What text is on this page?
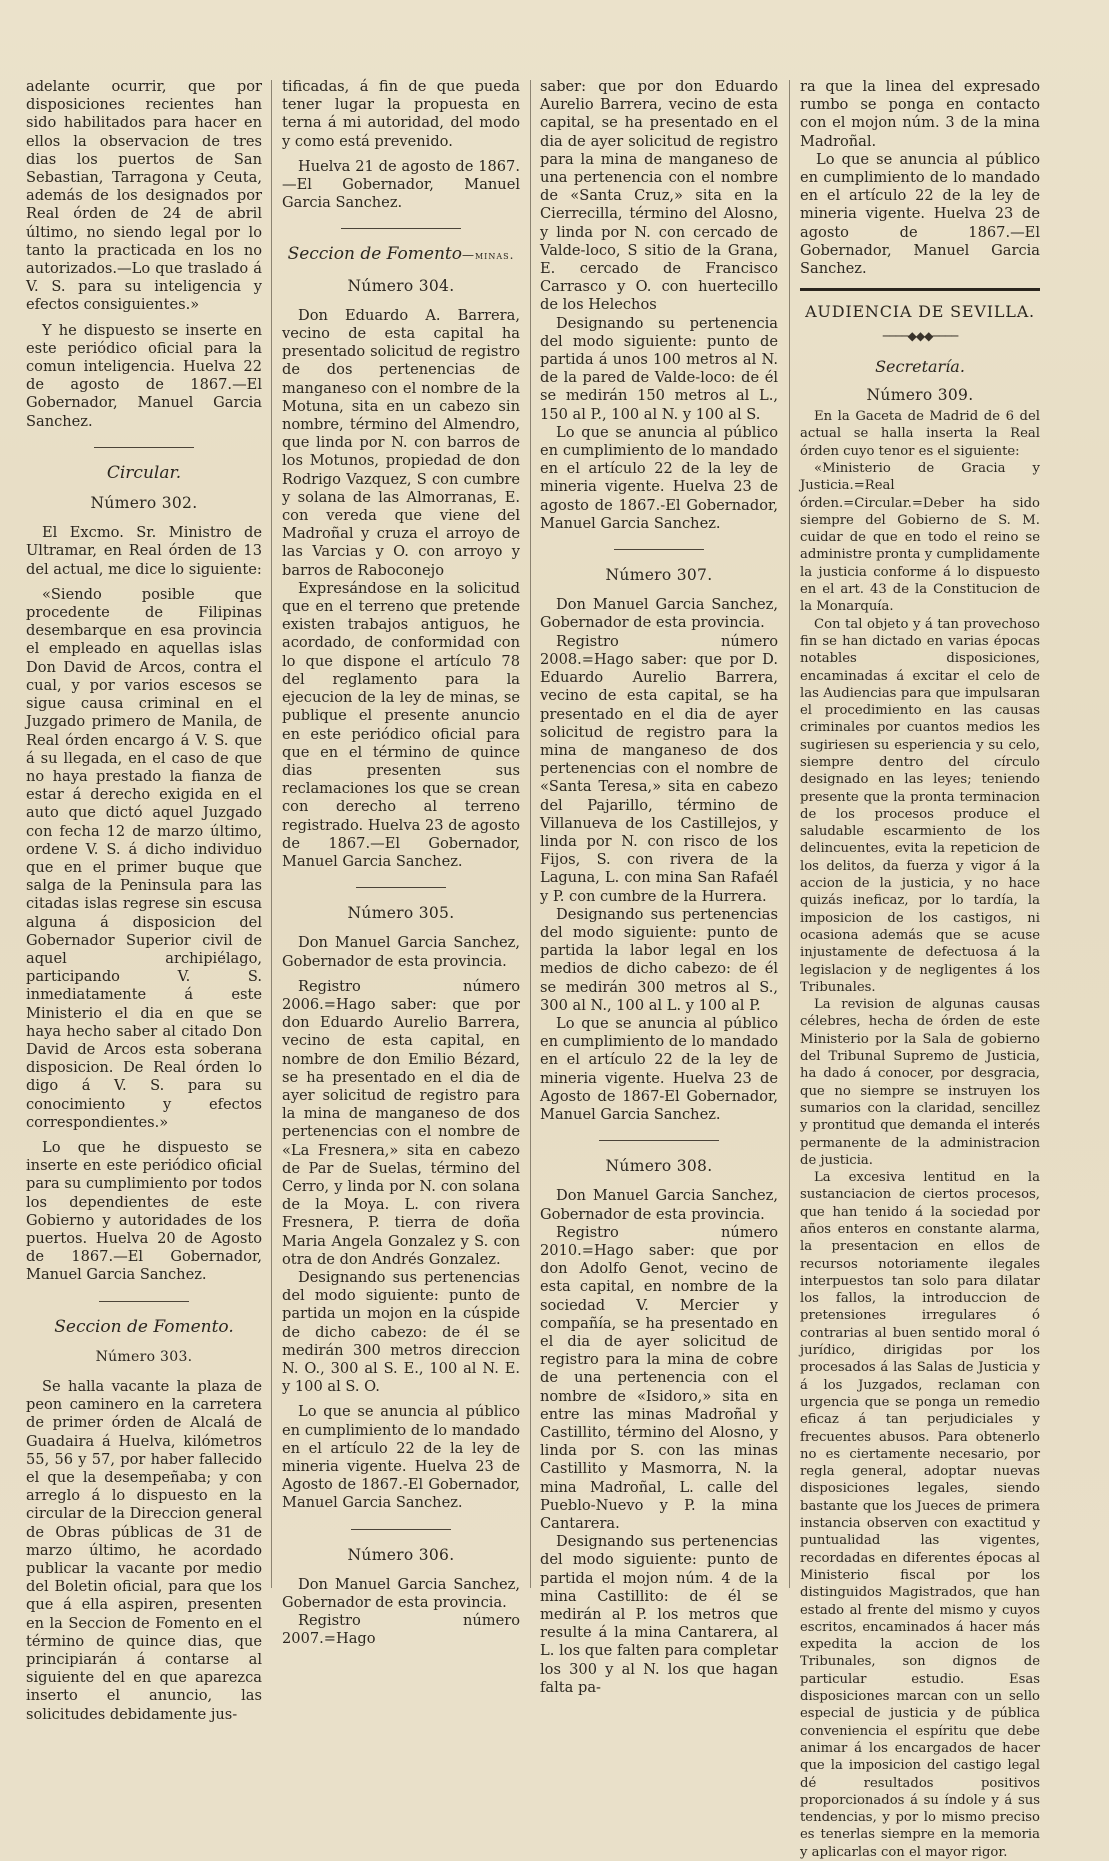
adelante ocurrir, que por disposiciones recientes han sido habilitados para hacer en ellos la observacion de tres dias los puertos de San Sebastian, Tarragona y Ceuta, además de los designados por Real órden de 24 de abril último, no siendo legal por lo tanto la practicada en los no autorizados.—Lo que traslado á V. S. para su inteligencia y efectos consiguientes.»

Y he dispuesto se inserte en este periódico oficial para la comun inteligencia. Huelva 22 de agosto de 1867.—El Gobernador, Manuel Garcia Sanchez.

Circular.
Número 302.

El Excmo. Sr. Ministro de Ultramar, en Real órden de 13 del actual, me dice lo siguiente:

«Siendo posible que procedente de Filipinas desembarque en esa provincia el empleado en aquellas islas Don David de Arcos, contra el cual, y por varios escesos se sigue causa criminal en el Juzgado primero de Manila, de Real órden encargo á V. S. que á su llegada, en el caso de que no haya prestado la fianza de estar á derecho exigida en el auto que dictó aquel Juzgado con fecha 12 de marzo último, ordene V. S. á dicho individuo que en el primer buque que salga de la Peninsula para las citadas islas regrese sin escusa alguna á disposicion del Gobernador Superior civil de aquel archipiélago, participando V. S. inmediatamente á este Ministerio el dia en que se haya hecho saber al citado Don David de Arcos esta soberana disposicion. De Real órden lo digo á V. S. para su conocimiento y efectos correspondientes.»

Lo que he dispuesto se inserte en este periódico oficial para su cumplimiento por todos los dependientes de este Gobierno y autoridades de los puertos. Huelva 20 de Agosto de 1867.—El Gobernador, Manuel Garcia Sanchez.

Seccion de Fomento.
Número 303.

Se halla vacante la plaza de peon caminero en la carretera de primer órden de Alcalá de Guadaira á Huelva, kilómetros 55, 56 y 57, por haber fallecido el que la desempeñaba; y con arreglo á lo dispuesto en la circular de la Direccion general de Obras públicas de 31 de marzo último, he acordado publicar la vacante por medio del Boletin oficial, para que los que á ella aspiren, presenten en la Seccion de Fomento en el término de quince dias, que principiarán á contarse al siguiente del en que aparezca inserto el anuncio, las solicitudes debidamente jus-

tificadas, á fin de que pueda tener lugar la propuesta en terna á mi autoridad, del modo y como está prevenido.

Huelva 21 de agosto de 1867.—El Gobernador, Manuel Garcia Sanchez.

Seccion de Fomento—minas.
Número 304.

Don Eduardo A. Barrera, vecino de esta capital ha presentado solicitud de registro de dos pertenencias de manganeso con el nombre de la Motuna, sita en un cabezo sin nombre, término del Almendro, que linda por N. con barros de los Motunos, propiedad de don Rodrigo Vazquez, S con cumbre y solana de las Almorranas, E. con vereda que viene del Madroñal y cruza el arroyo de las Varcias y O. con arroyo y barros de Raboconejo

Expresándose en la solicitud que en el terreno que pretende existen trabajos antiguos, he acordado, de conformidad con lo que dispone el artículo 78 del reglamento para la ejecucion de la ley de minas, se publique el presente anuncio en este periódico oficial para que en el término de quince dias presenten sus reclamaciones los que se crean con derecho al terreno registrado. Huelva 23 de agosto de 1867.—El Gobernador, Manuel Garcia Sanchez.

Número 305.

Don Manuel Garcia Sanchez, Gobernador de esta provincia.

Registro número 2006.=Hago saber: que por don Eduardo Aurelio Barrera, vecino de esta capital, en nombre de don Emilio Bézard, se ha presentado en el dia de ayer solicitud de registro para la mina de manganeso de dos pertenencias con el nombre de «La Fresnera,» sita en cabezo de Par de Suelas, término del Cerro, y linda por N. con solana de la Moya. L. con rivera Fresnera, P. tierra de doña Maria Angela Gonzalez y S. con otra de don Andrés Gonzalez.

Designando sus pertenencias del modo siguiente: punto de partida un mojon en la cúspide de dicho cabezo: de él se medirán 300 metros direccion N. O., 300 al S. E., 100 al N. E. y 100 al S. O.

Lo que se anuncia al público en cumplimiento de lo mandado en el artículo 22 de la ley de mineria vigente. Huelva 23 de Agosto de 1867.-El Gobernador, Manuel Garcia Sanchez.

Número 306.

Don Manuel Garcia Sanchez, Gobernador de esta provincia.

Registro número 2007.=Hago

saber: que por don Eduardo Aurelio Barrera, vecino de esta capital, se ha presentado en el dia de ayer solicitud de registro para la mina de manganeso de una pertenencia con el nombre de «Santa Cruz,» sita en la Cierrecilla, término del Alosno, y linda por N. con cercado de Valde-loco, S sitio de la Grana, E. cercado de Francisco Carrasco y O. con huertecillo de los Helechos

Designando su pertenencia del modo siguiente: punto de partida á unos 100 metros al N. de la pared de Valde-loco: de él se medirán 150 metros al L., 150 al P., 100 al N. y 100 al S.

Lo que se anuncia al público en cumplimiento de lo mandado en el artículo 22 de la ley de mineria vigente. Huelva 23 de agosto de 1867.-El Gobernador, Manuel Garcia Sanchez.

Número 307.

Don Manuel Garcia Sanchez, Gobernador de esta provincia.

Registro número 2008.=Hago saber: que por D. Eduardo Aurelio Barrera, vecino de esta capital, se ha presentado en el dia de ayer solicitud de registro para la mina de manganeso de dos pertenencias con el nombre de «Santa Teresa,» sita en cabezo del Pajarillo, término de Villanueva de los Castillejos, y linda por N. con risco de los Fijos, S. con rivera de la Laguna, L. con mina San Rafaél y P. con cumbre de la Hurrera.

Designando sus pertenencias del modo siguiente: punto de partida la labor legal en los medios de dicho cabezo: de él se medirán 300 metros al S., 300 al N., 100 al L. y 100 al P.

Lo que se anuncia al público en cumplimiento de lo mandado en el artículo 22 de la ley de mineria vigente. Huelva 23 de Agosto de 1867-El Gobernador, Manuel Garcia Sanchez.

Número 308.

Don Manuel Garcia Sanchez, Gobernador de esta provincia.

Registro número 2010.=Hago saber: que por don Adolfo Genot, vecino de esta capital, en nombre de la sociedad V. Mercier y compañía, se ha presentado en el dia de ayer solicitud de registro para la mina de cobre de una pertenencia con el nombre de «Isidoro,» sita en entre las minas Madroñal y Castillito, término del Alosno, y linda por S. con las minas Castillito y Masmorra, N. la mina Madroñal, L. calle del Pueblo-Nuevo y P. la mina Cantarera.

Designando sus pertenencias del modo siguiente: punto de partida el mojon núm. 4 de la mina Castillito: de él se medirán al P. los metros que resulte á la mina Cantarera, al L. los que falten para completar los 300 y al N. los que hagan falta pa-

ra que la linea del expresado rumbo se ponga en contacto con el mojon núm. 3 de la mina Madroñal.

Lo que se anuncia al público en cumplimiento de lo mandado en el artículo 22 de la ley de mineria vigente. Huelva 23 de agosto de 1867.—El Gobernador, Manuel Garcia Sanchez.

AUDIENCIA DE SEVILLA.
────◆◆◆────
Secretaría.
Número 309.

En la Gaceta de Madrid de 6 del actual se halla inserta la Real órden cuyo tenor es el siguiente:

«Ministerio de Gracia y Justicia.=Real órden.=Circular.=Deber ha sido siempre del Gobierno de S. M. cuidar de que en todo el reino se administre pronta y cumplidamente la justicia conforme á lo dispuesto en el art. 43 de la Constitucion de la Monarquía.

Con tal objeto y á tan provechoso fin se han dictado en varias épocas notables disposiciones, encaminadas á excitar el celo de las Audiencias para que impulsaran el procedimiento en las causas criminales por cuantos medios les sugiriesen su esperiencia y su celo, siempre dentro del círculo designado en las leyes; teniendo presente que la pronta terminacion de los procesos produce el saludable escarmiento de los delincuentes, evita la repeticion de los delitos, da fuerza y vigor á la accion de la justicia, y no hace quizás ineficaz, por lo tardía, la imposicion de los castigos, ni ocasiona además que se acuse injustamente de defectuosa á la legislacion y de negligentes á los Tribunales.

La revision de algunas causas célebres, hecha de órden de este Ministerio por la Sala de gobierno del Tribunal Supremo de Justicia, ha dado á conocer, por desgracia, que no siempre se instruyen los sumarios con la claridad, sencillez y prontitud que demanda el interés permanente de la administracion de justicia.

La excesiva lentitud en la sustanciacion de ciertos procesos, que han tenido á la sociedad por años enteros en constante alarma, la presentacion en ellos de recursos notoriamente ilegales interpuestos tan solo para dilatar los fallos, la introduccion de pretensiones irregulares ó contrarias al buen sentido moral ó jurídico, dirigidas por los procesados á las Salas de Justicia y á los Juzgados, reclaman con urgencia que se ponga un remedio eficaz á tan perjudiciales y frecuentes abusos. Para obtenerlo no es ciertamente necesario, por regla general, adoptar nuevas disposiciones legales, siendo bastante que los Jueces de primera instancia observen con exactitud y puntualidad las vigentes, recordadas en diferentes épocas al Ministerio fiscal por los distinguidos Magistrados, que han estado al frente del mismo y cuyos escritos, encaminados á hacer más expedita la accion de los Tribunales, son dignos de particular estudio. Esas disposiciones marcan con un sello especial de justicia y de pública conveniencia el espíritu que debe animar á los encargados de hacer que la imposicion del castigo legal dé resultados positivos proporcionados á su índole y á sus tendencias, y por lo mismo preciso es tenerlas siempre en la memoria y aplicarlas con el mayor rigor.
